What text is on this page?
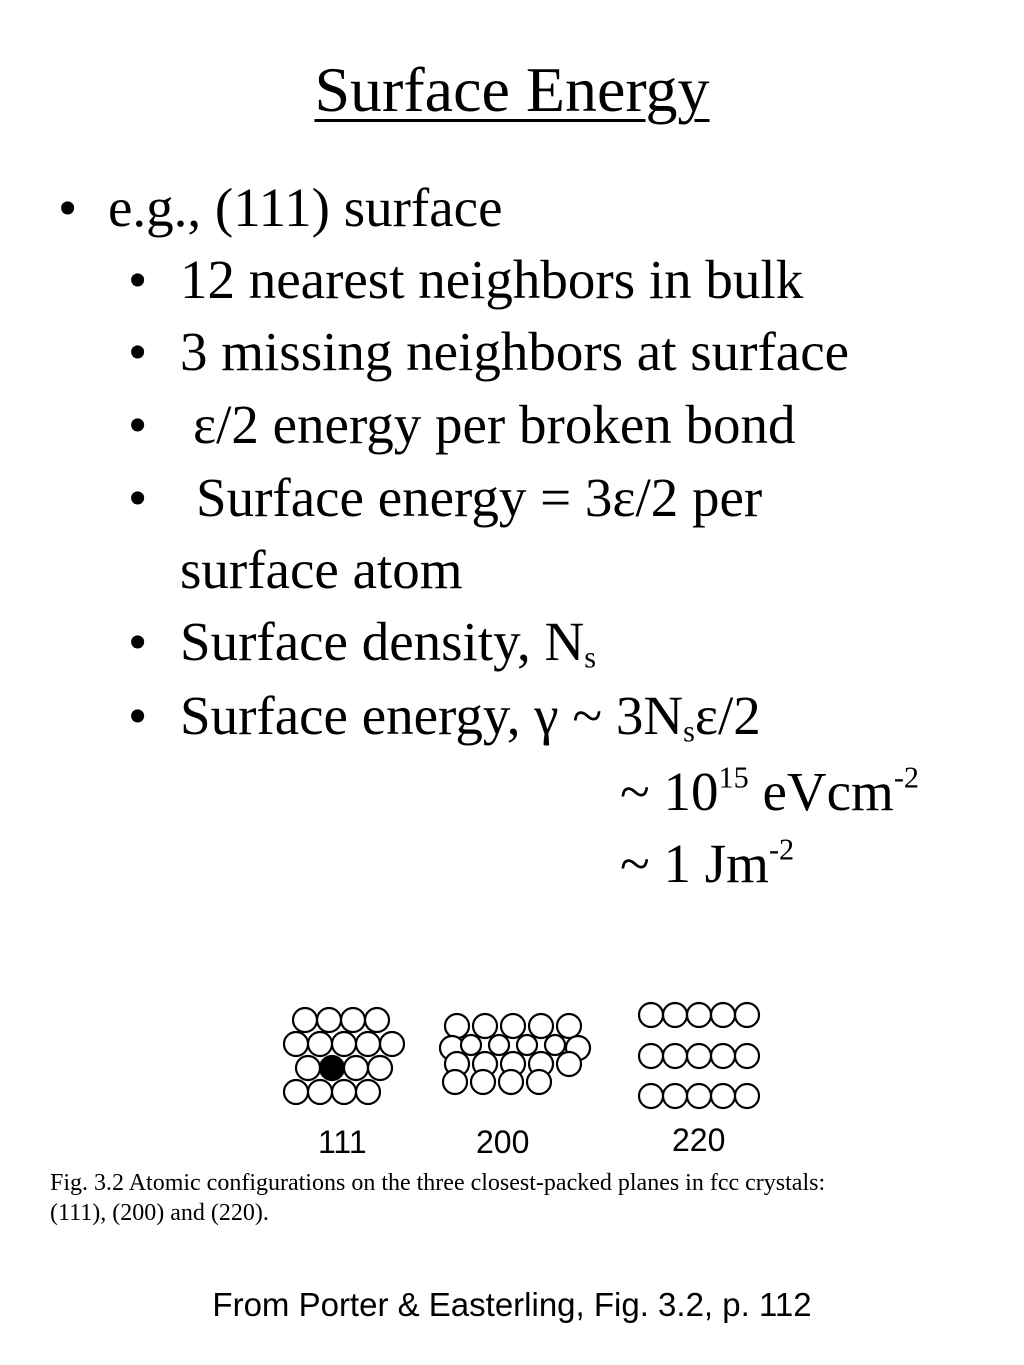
Surface Energy
• e.g., (111) surface
• 12 nearest neighbors in bulk
• 3 missing neighbors at surface
• ε/2 energy per broken bond
• Surface energy = 3ε/2 per
surface atom
• Surface density, $N_s$
• Surface energy, γ ~ $3N_s\varepsilon/2$
~ $10^{15}$ eVcm$^{-2}$
~ 1 $Jm^{-2}$
111	200	220
Fig. 3.2 Atomic configurations on the three closest-packed planes in fcc crystals:
(111), (200) and (220).
From Porter & Easterling, Fig. 3.2, p. 112
